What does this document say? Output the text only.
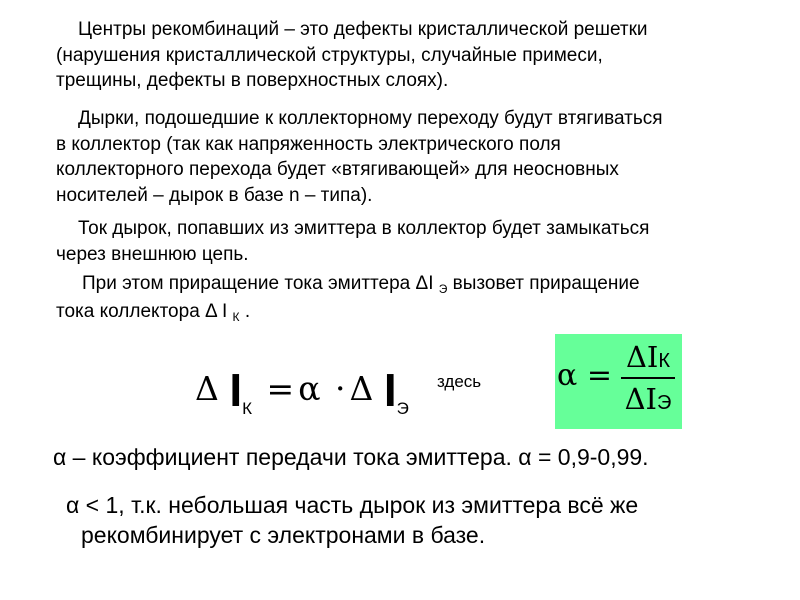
Центры рекомбинаций – это дефекты кристаллической решетки
(нарушения кристаллической структуры, случайные примеси,
трещины, дефекты в поверхностных слоях).
Дырки, подошедшие к коллекторному переходу будут втягиваться
в коллектор (так как напряженность электрического поля
коллекторного перехода будет «втягивающей» для неосновных
носителей – дырок в базе n – типа).
Ток дырок, попавших из эмиттера в коллектор будет замыкаться
через внешнюю цепь.
При этом приращение тока эмиттера ΔI $_Э$ вызовет приращение
тока коллектора Δ I $_К$ .
Δ $I_К = \alpha \cdot \Delta$ $I_Э$
здесь	α =
ΔIК
ΔIЭ
α – коэффициент передачи тока эмиттера. α = 0,9-0,99.
α < 1, т.к. небольшая часть дырок из эмиттера всё же
рекомбинирует с электронами в базе.
